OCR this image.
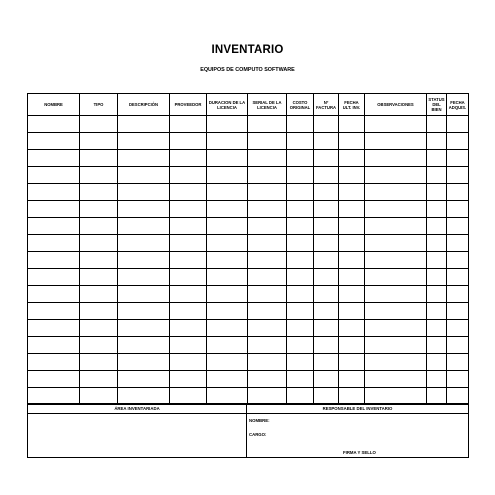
INVENTARIO
EQUIPOS DE COMPUTO SOFTWARE
NOMBRE	TIPO	DESCRIPCIÓN	PROVEEDOR	DURACION DE LA LICENCIA	SERIAL DE LA LICENCIA	COSTO ORIGINAL	Nº FACTURA	FECHA ULT. INV.	OBSERVACIONES	STATUS DEL BIEN	FECHA ADQUIS.

ÁREA INVENTARIADA	RESPONSABLE DEL INVENTARIO

	NOMBRE:
CARGO:
FIRMA Y SELLO
